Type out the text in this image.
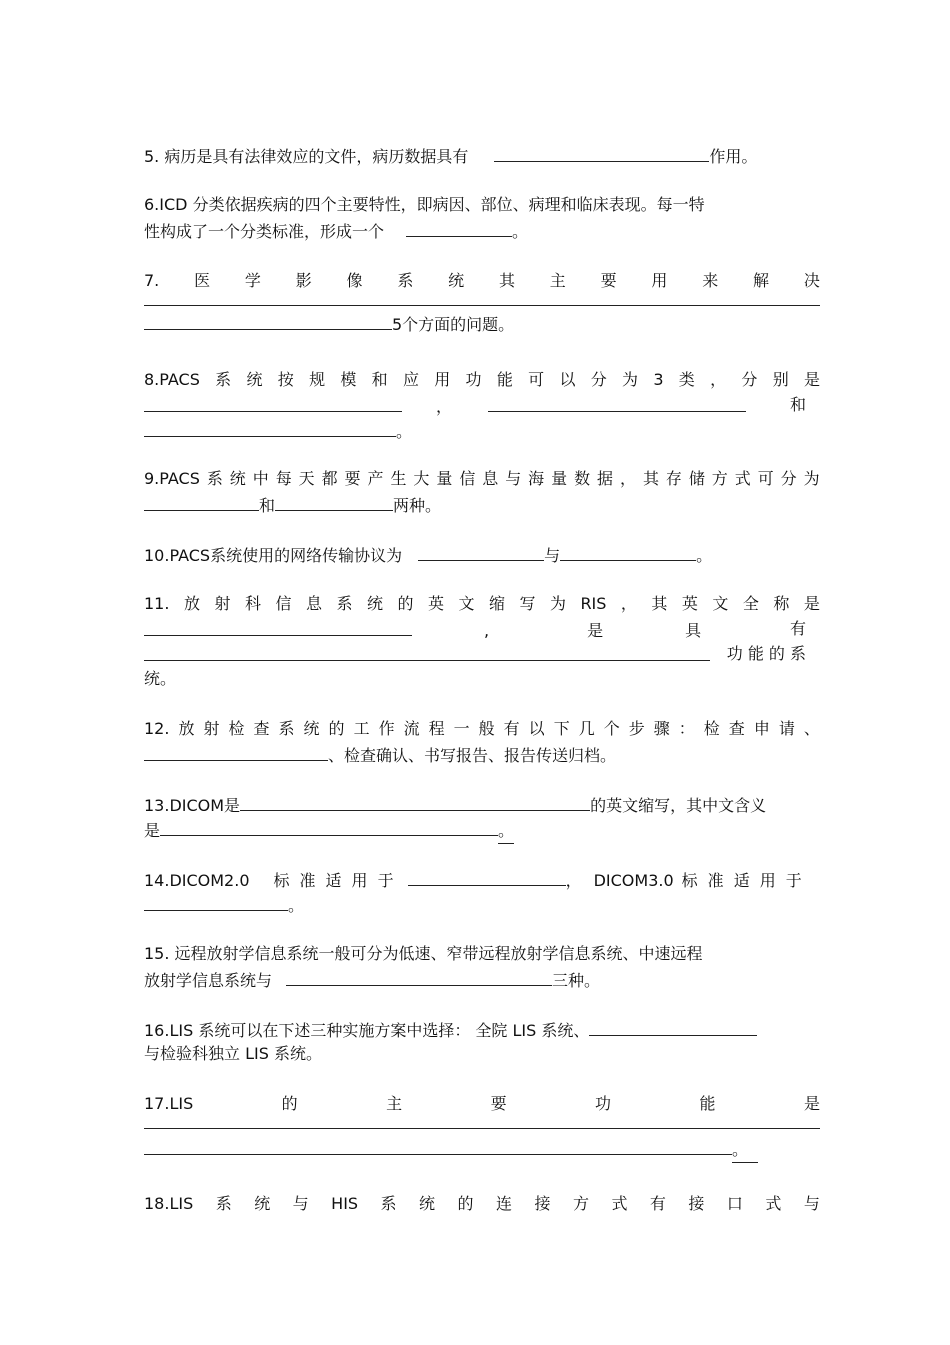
5. 病历是具有法律效应的文件，病历数据具有	作用。
6.ICD 分类依据疾病的四个主要特性，即病因、部位、病理和临床表现。每一特
性构成了一个分类标准，形成一个	。
7. 医 学 影 像 系 统 其 主 要 用 来 解 决
5个方面的问题。
8.PACS 系 统 按 规 模 和 应 用 功 能 可 以 分 为 3 类 ， 分 别 是
，	和
。
9.PACS 系 统 中 每 天 都 要 产 生 大 量 信 息 与 海 量 数 据 ， 其 存 储 方 式 可 分 为
和	两种。
10.PACS系统使用的网络传输协议为	与	。
11. 放 射 科 信 息 系 统 的 英 文 缩 写 为 RIS ， 其 英 文 全 称 是
,	是	具	有
功 能 的 系
统。
12. 放 射 检 查 系 统 的 工 作 流 程 一 般 有 以 下 几 个 步 骤 ： 检 查 申 请 、
、检查确认、书写报告、报告传送归档。
13.DICOM是	的英文缩写，其中文含义
是	。
14.DICOM2.0 标 准 适 用 于	， DICOM3.0 标 准 适 用 于
。
15. 远程放射学信息系统一般可分为低速、窄带远程放射学信息系统、中速远程
放射学信息系统与	三种。
16.LIS 系统可以在下述三种实施方案中选择： 全院 LIS 系统、
与检验科独立 LIS 系统。
17.LIS	的	主	要	功	能	是
。
18.LIS 系 统 与 HIS 系 统 的 连 接 方 式 有 接 口 式 与
